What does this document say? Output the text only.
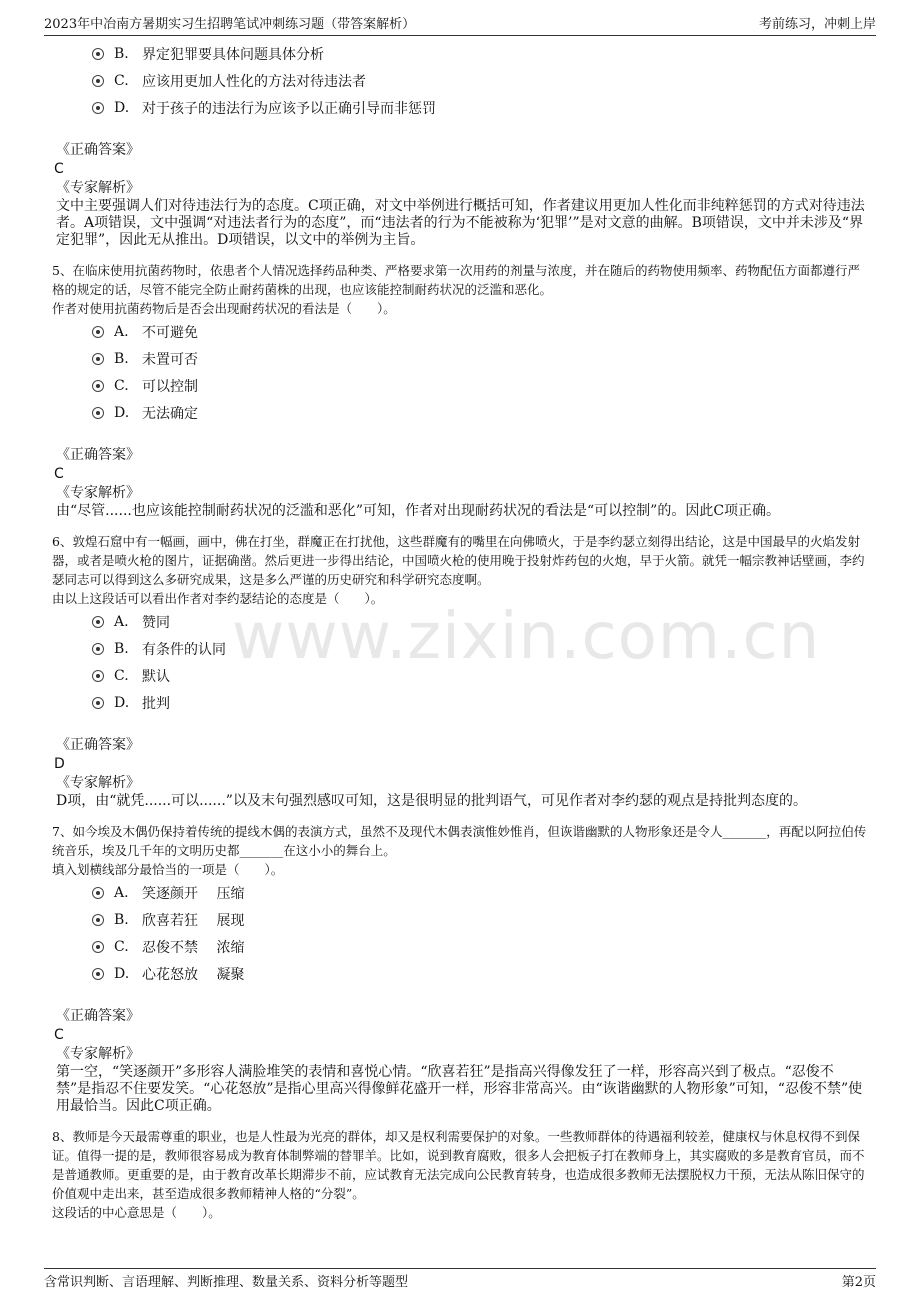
2023年中冶南方暑期实习生招聘笔试冲刺练习题（带答案解析）	考前练习，冲刺上岸
www.zixin.com.cn
B. 界定犯罪要具体问题具体分析
C. 应该用更加人性化的方法对待违法者
D. 对于孩子的违法行为应该予以正确引导而非惩罚
《正确答案》
C
《专家解析》
文中主要强调人们对待违法行为的态度。C项正确，对文中举例进行概括可知，作者建议用更加人性化而非纯粹惩罚的方式对待违法者。A项错误，文中强调“对违法者行为的态度”，而“违法者的行为不能被称为‘犯罪’”是对文意的曲解。B项错误，文中并未涉及“界定犯罪”，因此无从推出。D项错误，以文中的举例为主旨。
5、在临床使用抗菌药物时，依患者个人情况选择药品种类、严格要求第一次用药的剂量与浓度，并在随后的药物使用频率、药物配伍方面都遵行严格的规定的话，尽管不能完全防止耐药菌株的出现，也应该能控制耐药状况的泛滥和恶化。
作者对使用抗菌药物后是否会出现耐药状况的看法是（　　）。
A. 不可避免
B. 未置可否
C. 可以控制
D. 无法确定
《正确答案》
C
《专家解析》
由“尽管......也应该能控制耐药状况的泛滥和恶化”可知，作者对出现耐药状况的看法是“可以控制”的。因此C项正确。
6、敦煌石窟中有一幅画，画中，佛在打坐，群魔正在打扰他，这些群魔有的嘴里在向佛喷火，于是李约瑟立刻得出结论，这是中国最早的火焰发射器，或者是喷火枪的图片，证据确凿。然后更进一步得出结论，中国喷火枪的使用晚于投射炸药包的火炮，早于火箭。就凭一幅宗教神话壁画，李约瑟同志可以得到这么多研究成果，这是多么严谨的历史研究和科学研究态度啊。
由以上这段话可以看出作者对李约瑟结论的态度是（　　）。
A. 赞同
B. 有条件的认同
C. 默认
D. 批判
《正确答案》
D
《专家解析》
D项，由“就凭......可以......”以及末句强烈感叹可知，这是很明显的批判语气，可见作者对李约瑟的观点是持批判态度的。
7、如今埃及木偶仍保持着传统的提线木偶的表演方式，虽然不及现代木偶表演惟妙惟肖，但诙谐幽默的人物形象还是令人_______，再配以阿拉伯传统音乐，埃及几千年的文明历史都_______在这小小的舞台上。
填入划横线部分最恰当的一项是（　　）。
A. 笑逐颜开　 压缩
B. 欣喜若狂　 展现
C. 忍俊不禁　 浓缩
D. 心花怒放　 凝聚
《正确答案》
C
《专家解析》
第一空，“笑逐颜开”多形容人满脸堆笑的表情和喜悦心情。“欣喜若狂”是指高兴得像发狂了一样，形容高兴到了极点。“忍俊不禁”是指忍不住要发笑。“心花怒放”是指心里高兴得像鲜花盛开一样，形容非常高兴。由“诙谐幽默的人物形象”可知，“忍俊不禁”使用最恰当。因此C项正确。
8、教师是今天最需尊重的职业，也是人性最为光亮的群体，却又是权利需要保护的对象。一些教师群体的待遇福利较差，健康权与休息权得不到保证。值得一提的是，教师很容易成为教育体制弊端的替罪羊。比如，说到教育腐败，很多人会把板子打在教师身上，其实腐败的多是教育官员，而不是普通教师。更重要的是，由于教育改革长期滞步不前，应试教育无法完成向公民教育转身，也造成很多教师无法摆脱权力干预，无法从陈旧保守的价值观中走出来，甚至造成很多教师精神人格的“分裂”。
这段话的中心意思是（　　）。
含常识判断、言语理解、判断推理、数量关系、资料分析等题型	第2页
